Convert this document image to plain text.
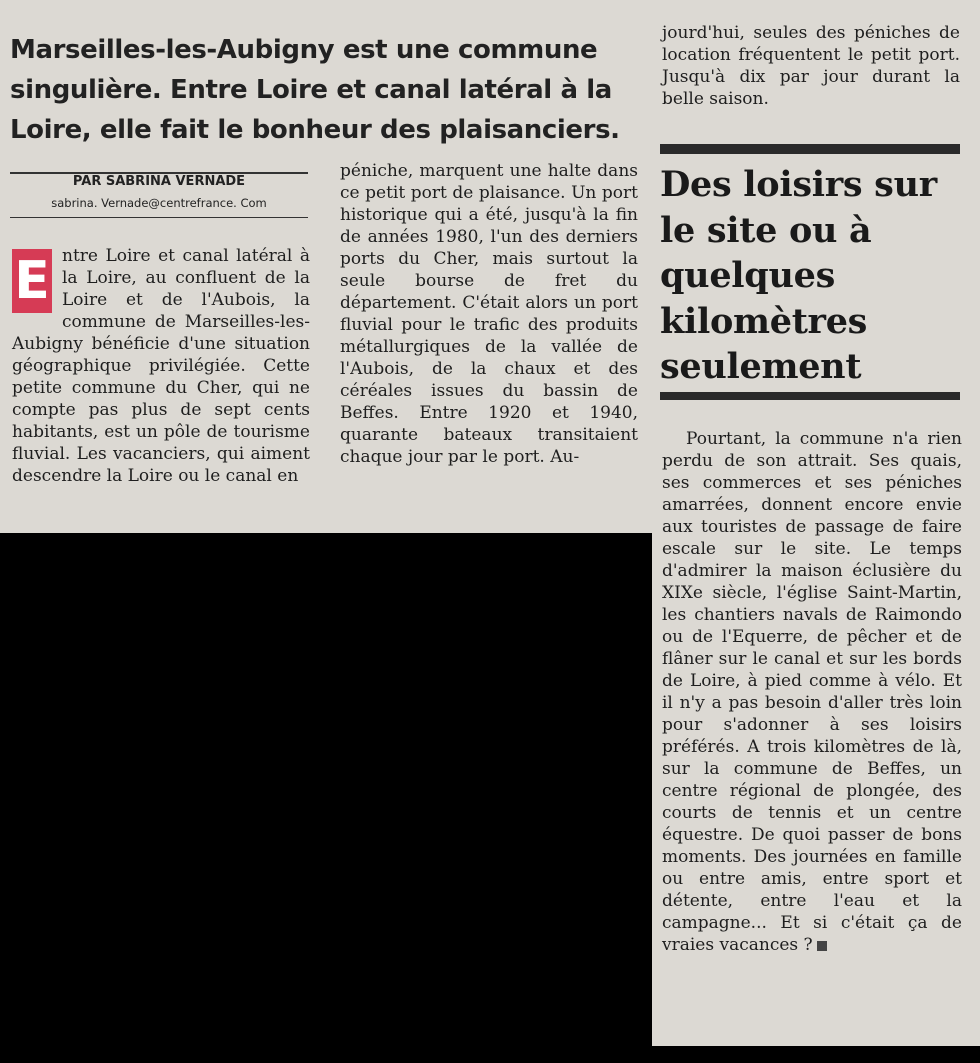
Marseilles-les-Aubigny est une commune singulière. Entre Loire et canal latéral à la Loire, elle fait le bonheur des plaisanciers.
PAR SABRINA VERNADE
sabrina. Vernade@centrefrance. Com

E ntre Loire et canal latéral à la Loire, au confluent de la Loire et de l'Aubois, la commune de Marseilles-les-Aubigny bénéficie d'une situation géographique privilégiée. Cette petite commune du Cher, qui ne compte pas plus de sept cents habitants, est un pôle de tourisme fluvial. Les vacanciers, qui aiment descendre la Loire ou le canal en

péniche, marquent une halte dans ce petit port de plaisance. Un port historique qui a été, jusqu'à la fin de années 1980, l'un des derniers ports du Cher, mais surtout la seule bourse de fret du département. C'était alors un port fluvial pour le trafic des produits métallurgiques de la vallée de l'Aubois, de la chaux et des céréales issues du bassin de Beffes. Entre 1920 et 1940, quarante bateaux transitaient chaque jour par le port. Au-

jourd'hui, seules des péniches de location fréquentent le petit port. Jusqu'à dix par jour durant la belle saison.

Des loisirs sur le site ou à quelques kilomètres seulement

Pourtant, la commune n'a rien perdu de son attrait. Ses quais, ses commerces et ses péniches amarrées, donnent encore envie aux touristes de passage de faire escale sur le site. Le temps d'admirer la maison éclusière du XIXe siècle, l'église Saint-Martin, les chantiers navals de Raimondo ou de l'Equerre, de pêcher et de flâner sur le canal et sur les bords de Loire, à pied comme à vélo. Et il n'y a pas besoin d'aller très loin pour s'adonner à ses loisirs préférés. A trois kilomètres de là, sur la commune de Beffes, un centre régional de plongée, des courts de tennis et un centre équestre. De quoi passer de bons moments. Des journées en famille ou entre amis, entre sport et détente, entre l'eau et la campagne... Et si c'était ça de vraies vacances ?
